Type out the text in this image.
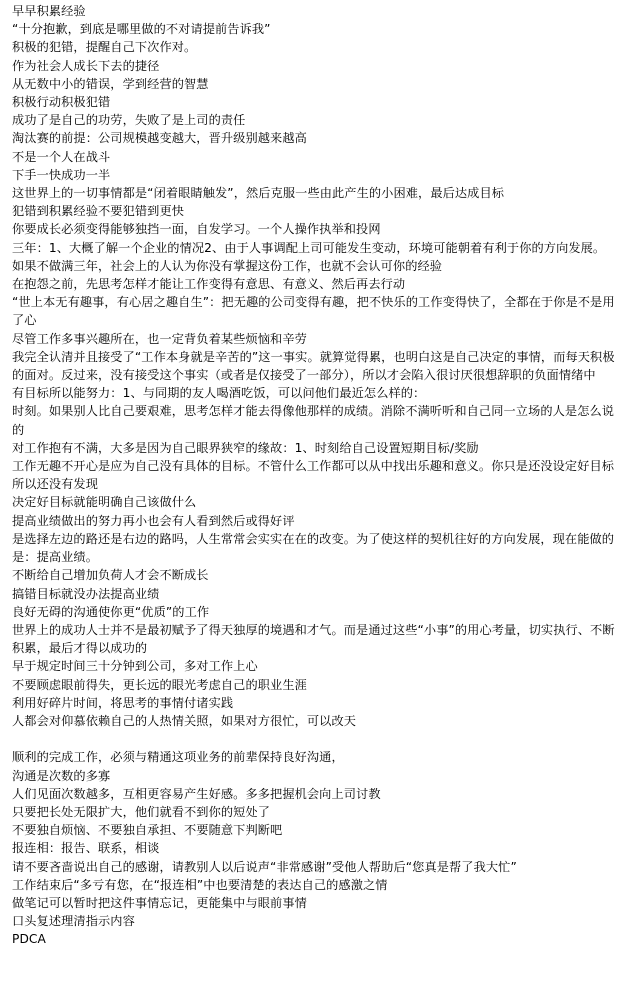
早早积累经验
“十分抱歉，到底是哪里做的不对请提前告诉我”
积极的犯错，提醒自己下次作对。
作为社会人成长下去的捷径
从无数中小的错误，学到经营的智慧
积极行动积极犯错
成功了是自己的功劳，失败了是上司的责任
淘汰赛的前提：公司规模越变越大，晋升级别越来越高
不是一个人在战斗
下手一快成功一半
这世界上的一切事情都是“闭着眼睛触发”，然后克服一些由此产生的小困难，最后达成目标
犯错到积累经验不要犯错到更快
你要成长必须变得能够独挡一面，自发学习。一个人操作执举和投网
三年：1、大概了解一个企业的情况2、由于人事调配上司可能发生变动，环境可能朝着有利于你的方向发展。
如果不做满三年，社会上的人认为你没有掌握这份工作，也就不会认可你的经验
在抱怨之前，先思考怎样才能让工作变得有意思、有意义、然后再去行动
“世上本无有趣事，有心居之趣自生”：把无趣的公司变得有趣，把不快乐的工作变得快了，全都在于你是不是用了心
尽管工作多事兴趣所在，也一定背负着某些烦恼和辛劳
我完全认清并且接受了“工作本身就是辛苦的”这一事实。就算觉得累，也明白这是自己决定的事情，而每天积极的面对。反过来，没有接受这个事实（或者是仅接受了一部分），所以才会陷入很讨厌很想辞职的负面情绪中
有目标所以能努力：1、与同期的友人喝酒吃饭，可以问他们最近怎么样的：
时刻。如果别人比自己要艰难，思考怎样才能去得像他那样的成绩。消除不满听听和自己同一立场的人是怎么说的
对工作抱有不满，大多是因为自己眼界狭窄的缘故：1、时刻给自己设置短期目标/奖励
工作无趣不开心是应为自己没有具体的目标。不管什么工作都可以从中找出乐趣和意义。你只是还没设定好目标所以还没有发现
决定好目标就能明确自己该做什么
提高业绩做出的努力再小也会有人看到然后或得好评
是选择左边的路还是右边的路吗，人生常常会实实在在的改变。为了使这样的契机往好的方向发展，现在能做的是：提高业绩。
不断给自己增加负荷人才会不断成长
搞错目标就没办法提高业绩
良好无碍的沟通使你更“优质”的工作
世界上的成功人士并不是最初赋予了得天独厚的境遇和才气。而是通过这些“小事”的用心考量，切实执行、不断积累，最后才得以成功的
早于规定时间三十分钟到公司，多对工作上心
不要顾虑眼前得失，更长远的眼光考虑自己的职业生涯
利用好碎片时间，将思考的事情付诸实践
人都会对仰慕依赖自己的人热情关照，如果对方很忙，可以改天
顺利的完成工作，必须与精通这项业务的前辈保持良好沟通，
沟通是次数的多寡
人们见面次数越多，互相更容易产生好感。多多把握机会向上司讨教
只要把长处无限扩大，他们就看不到你的短处了
不要独自烦恼、不要独自承担、不要随意下判断吧
报连相：报告、联系，相谈
请不要吝啬说出自己的感谢，请教别人以后说声“非常感谢”受他人帮助后“您真是帮了我大忙”
工作结束后“多亏有您，在“报连相”中也要清楚的表达自己的感激之情
做笔记可以暂时把这件事情忘记，更能集中与眼前事情
口头复述理清指示内容
PDCA
